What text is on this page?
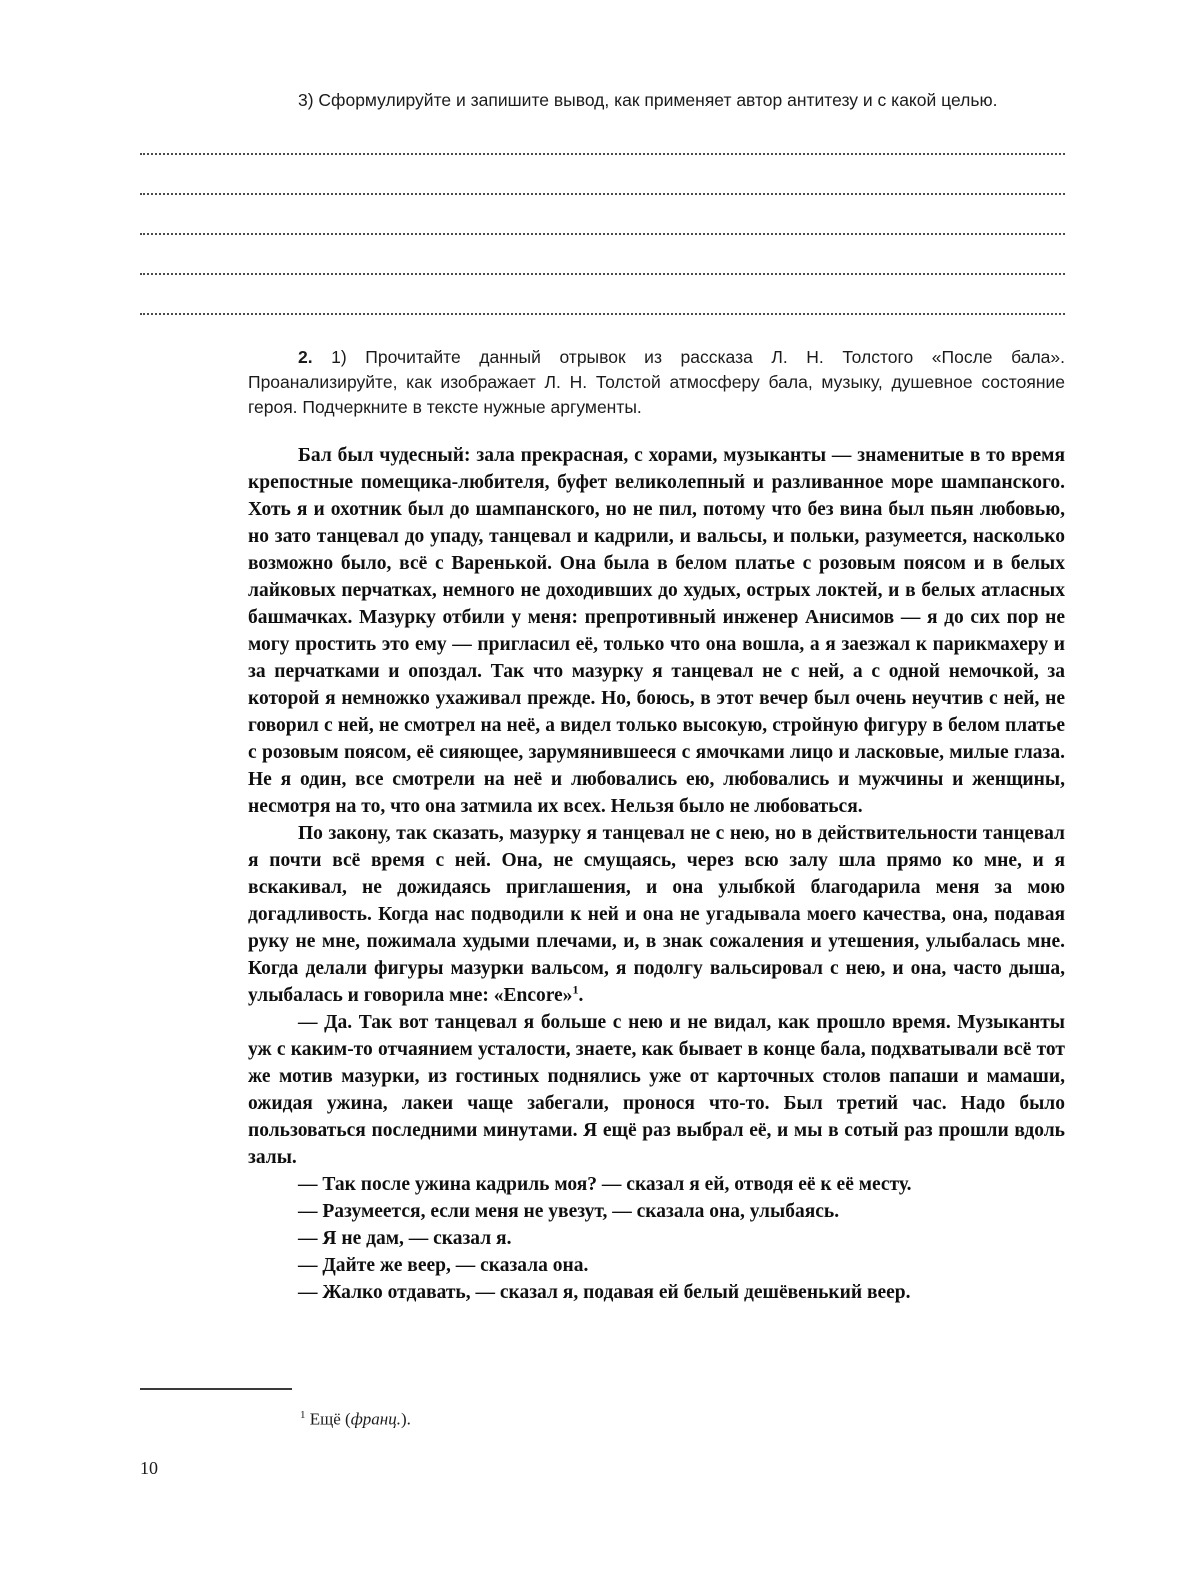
3) Сформулируйте и запишите вывод, как применяет автор антитезу и с какой целью.

2. 1) Прочитайте данный отрывок из рассказа Л. Н. Толстого «После бала». Проанализируйте, как изображает Л. Н. Толстой атмосферу бала, музыку, душевное состояние героя. Подчеркните в тексте нужные аргументы.

Бал был чудесный: зала прекрасная, с хорами, музыканты — знаменитые в то время крепостные помещика-любителя, буфет великолепный и разливанное море шампанского. Хоть я и охотник был до шампанского, но не пил, потому что без вина был пьян любовью, но зато танцевал до упаду, танцевал и кадрили, и вальсы, и польки, разумеется, насколько возможно было, всё с Варенькой. Она была в белом платье с розовым поясом и в белых лайковых перчатках, немного не доходивших до худых, острых локтей, и в белых атласных башмачках. Мазурку отбили у меня: препротивный инженер Анисимов — я до сих пор не могу простить это ему — пригласил её, только что она вошла, а я заезжал к парикмахеру и за перчатками и опоздал. Так что мазурку я танцевал не с ней, а с одной немочкой, за которой я немножко ухаживал прежде. Но, боюсь, в этот вечер был очень неучтив с ней, не говорил с ней, не смотрел на неё, а видел только высокую, стройную фигуру в белом платье с розовым поясом, её сияющее, зарумянившееся с ямочками лицо и ласковые, милые глаза. Не я один, все смотрели на неё и любовались ею, любовались и мужчины и женщины, несмотря на то, что она затмила их всех. Нельзя было не любоваться.

По закону, так сказать, мазурку я танцевал не с нею, но в действительности танцевал я почти всё время с ней. Она, не смущаясь, через всю залу шла прямо ко мне, и я вскакивал, не дожидаясь приглашения, и она улыбкой благодарила меня за мою догадливость. Когда нас подводили к ней и она не угадывала моего качества, она, подавая руку не мне, пожимала худыми плечами, и, в знак сожаления и утешения, улыбалась мне. Когда делали фигуры мазурки вальсом, я подолгу вальсировал с нею, и она, часто дыша, улыбалась и говорила мне: «Encore»$^1$.

— Да. Так вот танцевал я больше с нею и не видал, как прошло время. Музыканты уж с каким-то отчаянием усталости, знаете, как бывает в конце бала, подхватывали всё тот же мотив мазурки, из гостиных поднялись уже от карточных столов папаши и мамаши, ожидая ужина, лакеи чаще забегали, пронося что-то. Был третий час. Надо было пользоваться последними минутами. Я ещё раз выбрал её, и мы в сотый раз прошли вдоль залы.

— Так после ужина кадриль моя? — сказал я ей, отводя её к её месту.

— Разумеется, если меня не увезут, — сказала она, улыбаясь.

— Я не дам, — сказал я.

— Дайте же веер, — сказала она.

— Жалко отдавать, — сказал я, подавая ей белый дешёвенький веер.

$^1$ Ещё (франц.).

10
